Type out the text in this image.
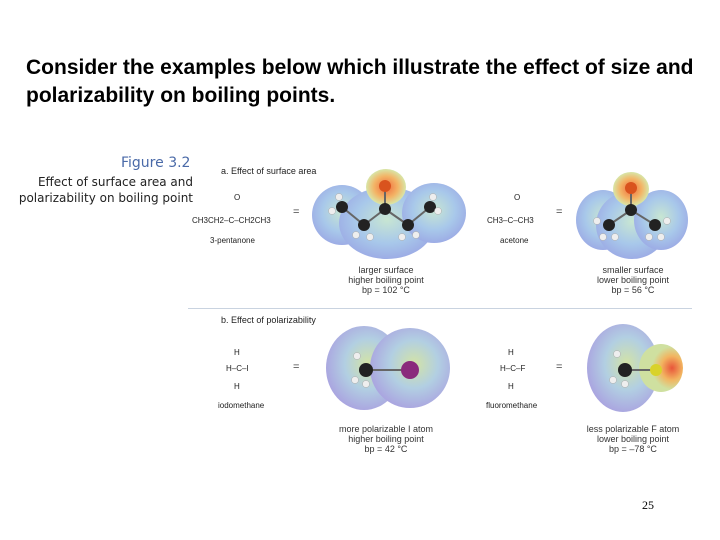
Consider the examples below which illustrate the effect of size and polarizability on boiling points.
Figure 3.2
Effect of surface area and polarizability on boiling point
a. Effect of surface area
O
CH3CH2–C–CH2CH3
3-pentanone
=
larger surface
higher boiling point
bp = 102 °C
O
CH3–C–CH3
acetone
=
smaller surface
lower boiling point
bp = 56 °C
b. Effect of polarizability
H
H–C–I
H
iodomethane
=
more polarizable I atom
higher boiling point
bp = 42 °C
H
H–C–F
H
fluoromethane
=
less polarizable F atom
lower boiling point
bp = –78 °C
25
